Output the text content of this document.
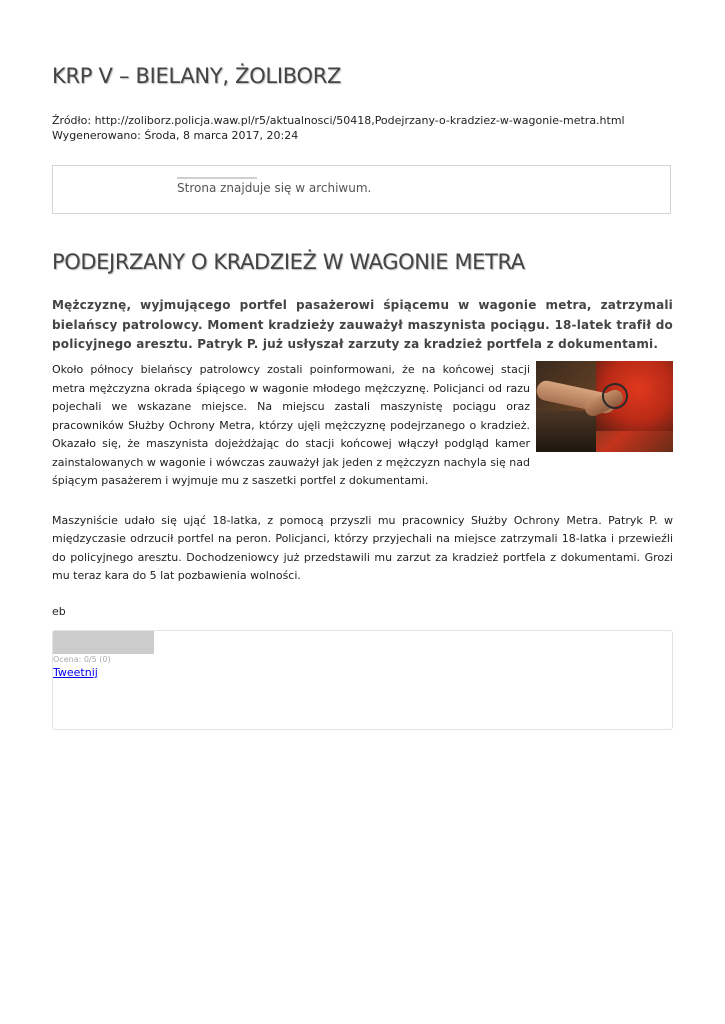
KRP V – BIELANY, ŻOLIBORZ
Źródło: http://zoliborz.policja.waw.pl/r5/aktualnosci/50418,Podejrzany-o-kradziez-w-wagonie-metra.html
Wygenerowano: Środa, 8 marca 2017, 20:24
Strona znajduje się w archiwum.
PODEJRZANY O KRADZIEŻ W WAGONIE METRA

Mężczyznę, wyjmującego portfel pasażerowi śpiącemu w wagonie metra, zatrzymali bielańscy patrolowcy. Moment kradzieży zauważył maszynista pociągu. 18-latek trafił do policyjnego aresztu. Patryk P. już usłyszał zarzuty za kradzież portfela z dokumentami.

Około północy bielańscy patrolowcy zostali poinformowani, że na końcowej stacji metra mężczyzna okrada śpiącego w wagonie młodego mężczyznę. Policjanci od razu pojechali we wskazane miejsce. Na miejscu zastali maszynistę pociągu oraz pracowników Służby Ochrony Metra, którzy ujęli mężczyznę podejrzanego o kradzież. Okazało się, że maszynista dojeżdżając do stacji końcowej włączył podgląd kamer zainstalowanych w wagonie i wówczas zauważył jak jeden z mężczyzn nachyla się nad śpiącym pasażerem i wyjmuje mu z saszetki portfel z dokumentami.

Maszyniście udało się ująć 18-latka, z pomocą przyszli mu pracownicy Służby Ochrony Metra. Patryk P. w międzyczasie odrzucił portfel na peron. Policjanci, którzy przyjechali na miejsce zatrzymali 18-latka i przewieźli do policyjnego aresztu. Dochodzeniowcy już przedstawili mu zarzut za kradzież portfela z dokumentami. Grozi mu teraz kara do 5 lat pozbawienia wolności.

eb
Ocena: 0/5 (0)
Tweetnij
